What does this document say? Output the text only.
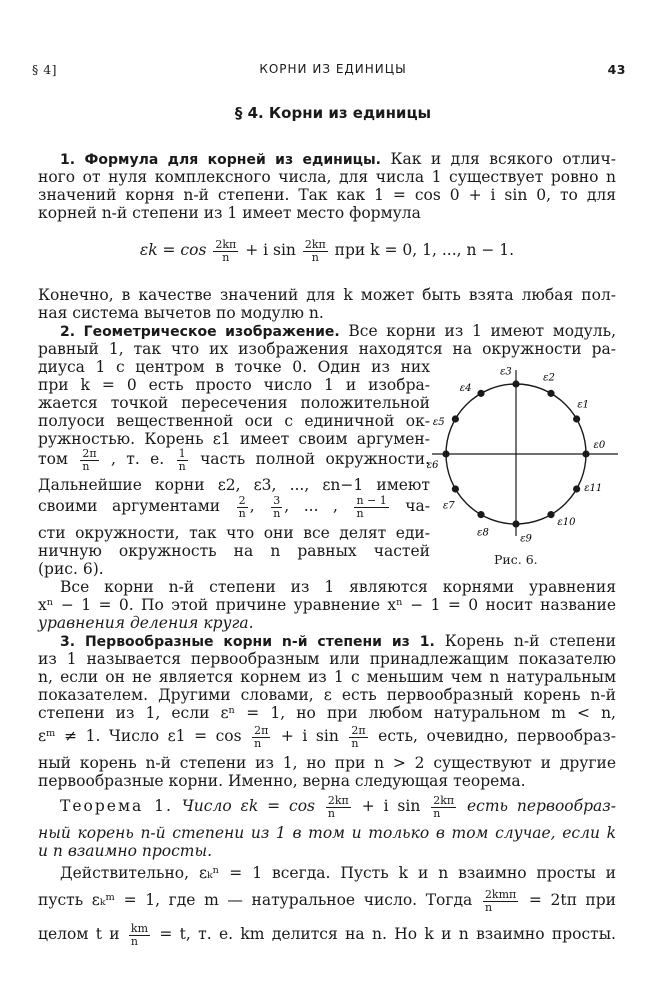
§ 4]	КОРНИ ИЗ ЕДИНИЦЫ	43
§ 4. Корни из единицы
1. Формула для корней из единицы. Как и для всякого отлич-
ного от нуля комплексного числа, для числа 1 существует ровно n
значений корня n-й степени. Так как 1 = cos 0 + i sin 0, то для
корней n-й степени из 1 имеет место формула
$\varepsilon k = \cos \frac{2k\pi}{n} + i$ $\sin \frac{2k\pi}{n}$ при k = 0, 1, ..., n − 1.
Конечно, в качестве значений для k может быть взята любая пол-
ная система вычетов по модулю n.
2. Геометрическое изображение. Все корни из 1 имеют модуль,
равный 1, так что их изображения находятся на окружности ра-
диуса 1 с центром в точке 0. Один из них
при k = 0 есть просто число 1 и изобра-
жается точкой пересечения положительной
полуоси вещественной оси с единичной ок-
ружностью. Корень ε1 имеет своим аргумен-
том $\frac{2\pi}{n}$ , т. е. $\frac{1}{n}$ часть полной окружности.
Дальнейшие корни ε2, ε3, ..., εn−1 имеют
своими аргументами $\frac{2}{n}$ , $\frac{3}{n}$ , ... , $\frac{n - 1}{n} ча-$
сти окружности, так что они все делят еди-
ничную окружность на n равных частей
(рис. 6).
Все корни n-й степени из 1 являются корнями уравнения
xⁿ − 1 = 0. По этой причине уравнение xⁿ − 1 = 0 носит название
уравнения деления круга.
ε0
ε1
ε2
ε3
ε4
ε5
ε6
ε7
ε8
ε9
ε10
ε11
Рис. 6.
3. Первообразные корни n-й степени из 1. Корень n-й степени
из 1 называется первообразным или принадлежащим показателю
n, если он не является корнем из 1 с меньшим чем n натуральным
показателем. Другими словами, ε есть первообразный корень n-й
степени из 1, если εⁿ = 1, но при любом натуральном m < n,
εᵐ ≠ 1. Число $\varepsilon 1 = \cos \frac{2\pi}{n} + i$ $\sin \frac{2\pi}{n}$ есть, очевидно, первообраз-
ный корень n-й степени из 1, но при n > 2 существуют и другие
первообразные корни. Именно, верна следующая теорема.
Теорема 1. Число $\varepsilon k = \cos \frac{2k\pi}{n} + i$ $\sin \frac{2k\pi}{n}$ есть первообраз-
ный корень n-й степени из 1 в том и только в том случае, если k
и n взаимно просты.
Действительно, εₖⁿ = 1 всегда. Пусть k и n взаимно просты и
пусть εₖᵐ = 1, где m — натуральное число. Тогда $\frac{\text{2kmπ}}{n} = 2t\pi$ при
целом t и $\frac{km}{n} = t$, т. е. km делится на n. Но k и n взаимно просты.
